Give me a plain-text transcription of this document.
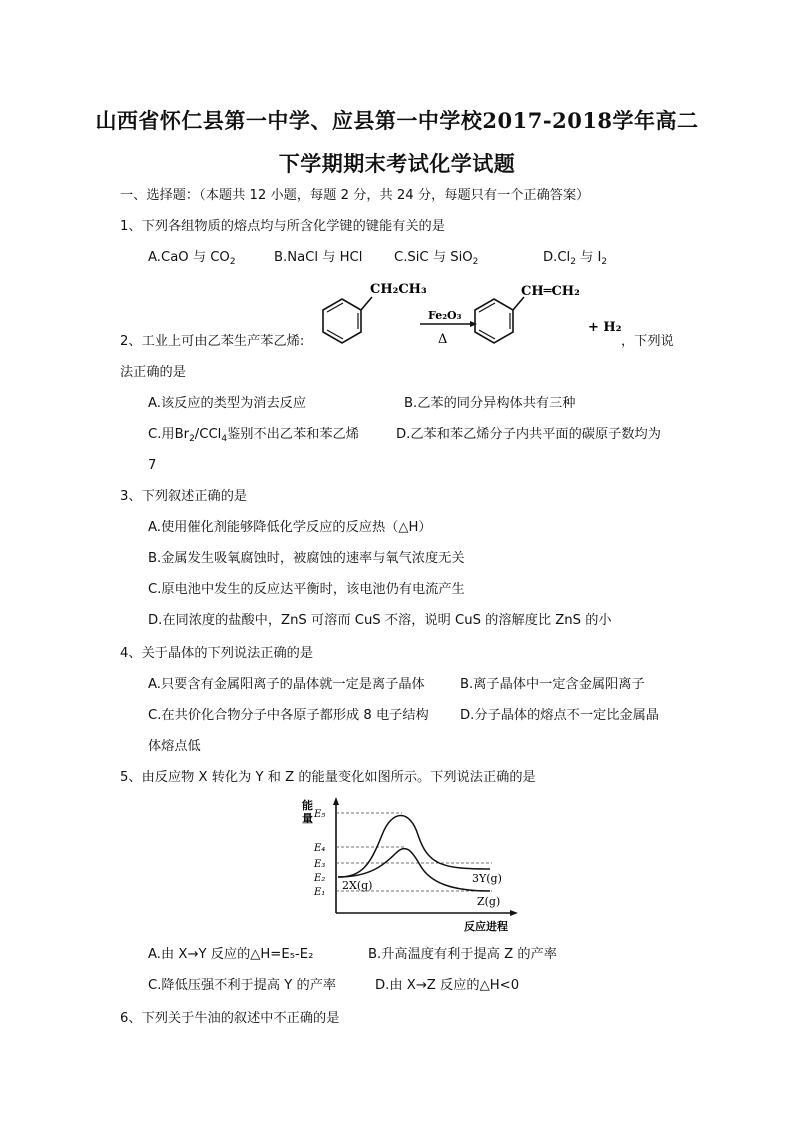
山西省怀仁县第一中学、应县第一中学校2017-2018学年高二
下学期期末考试化学试题
一、选择题：（本题共 12 小题，每题 2 分，共 24 分，每题只有一个正确答案）
1、下列各组物质的熔点均与所含化学键的键能有关的是
A.CaO 与 $CO_2$	B.NaCl 与 HCl C.SiC 与 SiO$_2$	$D.Cl_2$ 与 $I_2$
2、工业上可由乙苯生产苯乙烯:
CH₂CH₃
Fe₂O₃
Δ
CH═CH₂
+ H₂
，下列说
法正确的是
A.该反应的类型为消去反应	B.乙苯的同分异构体共有三种
C.用$Br_2/CCl_4$鉴别不出乙苯和苯乙烯	D.乙苯和苯乙烯分子内共平面的碳原子数均为
7
3、下列叙述正确的是
A.使用催化剂能够降低化学反应的反应热（△H）
B.金属发生吸氧腐蚀时，被腐蚀的速率与氧气浓度无关
C.原电池中发生的反应达平衡时，该电池仍有电流产生
D.在同浓度的盐酸中，ZnS 可溶而 CuS 不溶，说明 CuS 的溶解度比 ZnS 的小
4、关于晶体的下列说法正确的是
A.只要含有金属阳离子的晶体就一定是离子晶体	B.离子晶体中一定含金属阳离子
C.在共价化合物分子中各原子都形成 8 电子结构 D.分子晶体的熔点不一定比金属晶
体熔点低
5、由反应物 X 转化为 Y 和 Z 的能量变化如图所示。下列说法正确的是
能
量
反应进程
E₅
E₄
E₃
E₂
E₁
2X(g)
3Y(g)
Z(g)
A.由 X→Y 反应的△H=E₅-E₂	B.升高温度有利于提高 Z 的产率
C.降低压强不利于提高 Y 的产率	D.由 X→Z 反应的△H<0
6、下列关于牛油的叙述中不正确的是
